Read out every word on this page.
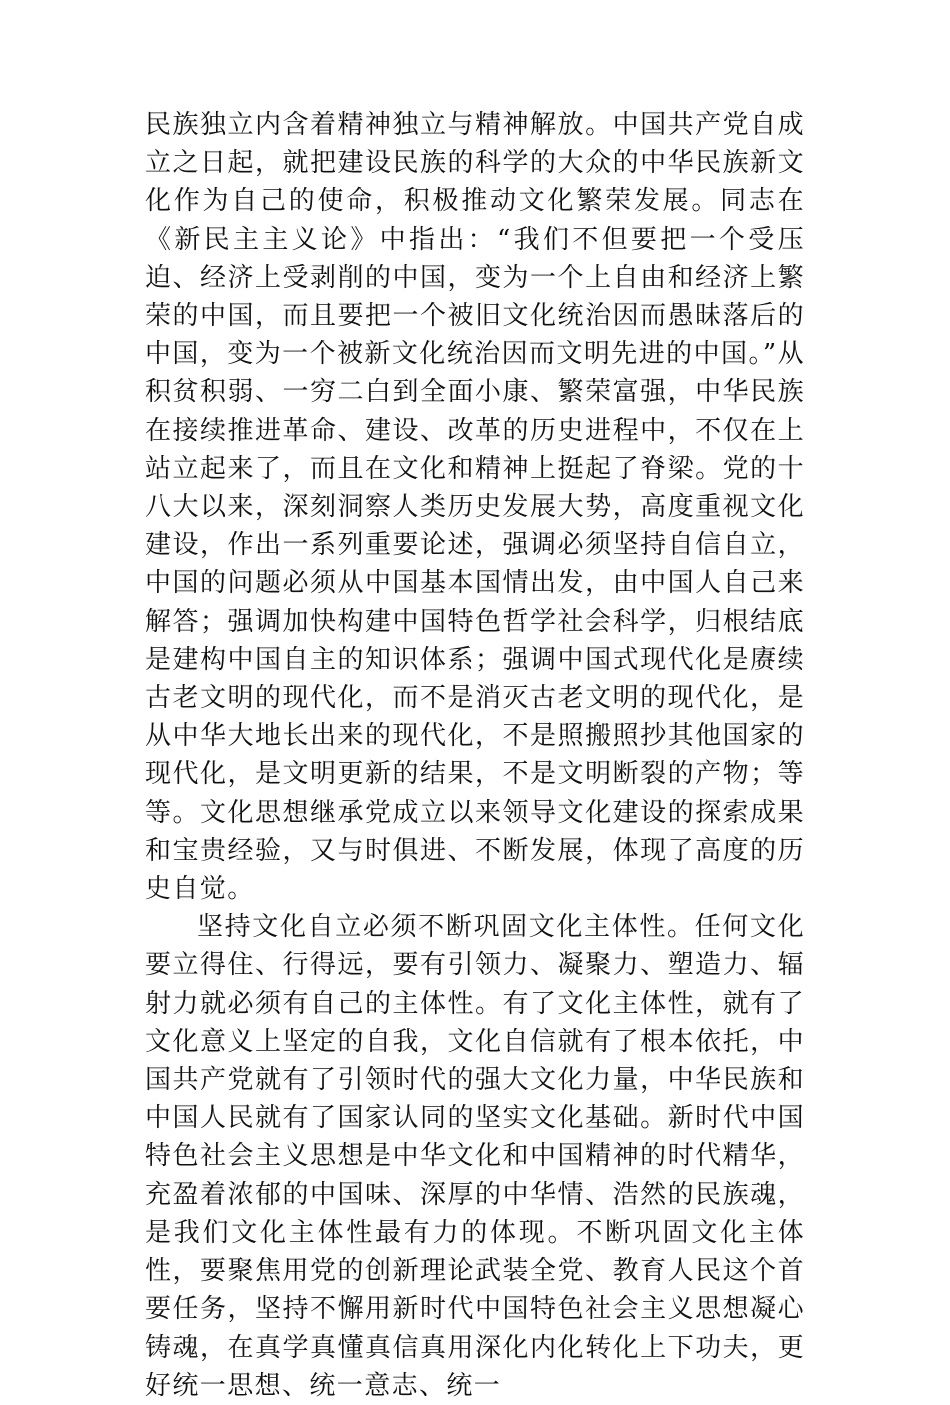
民族独立内含着精神独立与精神解放。中国共产党自成立之日起，就把建设民族的科学的大众的中华民族新文化作为自己的使命，积极推动文化繁荣发展。同志在《新民主主义论》中指出：“我们不但要把一个受压迫、经济上受剥削的中国，变为一个上自由和经济上繁荣的中国，而且要把一个被旧文化统治因而愚昧落后的中国，变为一个被新文化统治因而文明先进的中国。”从积贫积弱、一穷二白到全面小康、繁荣富强，中华民族在接续推进革命、建设、改革的历史进程中，不仅在上站立起来了，而且在文化和精神上挺起了脊梁。党的十八大以来，深刻洞察人类历史发展大势，高度重视文化建设，作出一系列重要论述，强调必须坚持自信自立，中国的问题必须从中国基本国情出发，由中国人自己来解答；强调加快构建中国特色哲学社会科学，归根结底是建构中国自主的知识体系；强调中国式现代化是赓续古老文明的现代化，而不是消灭古老文明的现代化，是从中华大地长出来的现代化，不是照搬照抄其他国家的现代化，是文明更新的结果，不是文明断裂的产物；等等。文化思想继承党成立以来领导文化建设的探索成果和宝贵经验，又与时俱进、不断发展，体现了高度的历史自觉。

坚持文化自立必须不断巩固文化主体性。任何文化要立得住、行得远，要有引领力、凝聚力、塑造力、辐射力就必须有自己的主体性。有了文化主体性，就有了文化意义上坚定的自我，文化自信就有了根本依托，中国共产党就有了引领时代的强大文化力量，中华民族和中国人民就有了国家认同的坚实文化基础。新时代中国特色社会主义思想是中华文化和中国精神的时代精华，充盈着浓郁的中国味、深厚的中华情、浩然的民族魂，是我们文化主体性最有力的体现。不断巩固文化主体性，要聚焦用党的创新理论武装全党、教育人民这个首要任务，坚持不懈用新时代中国特色社会主义思想凝心铸魂，在真学真懂真信真用深化内化转化上下功夫，更好统一思想、统一意志、统一
